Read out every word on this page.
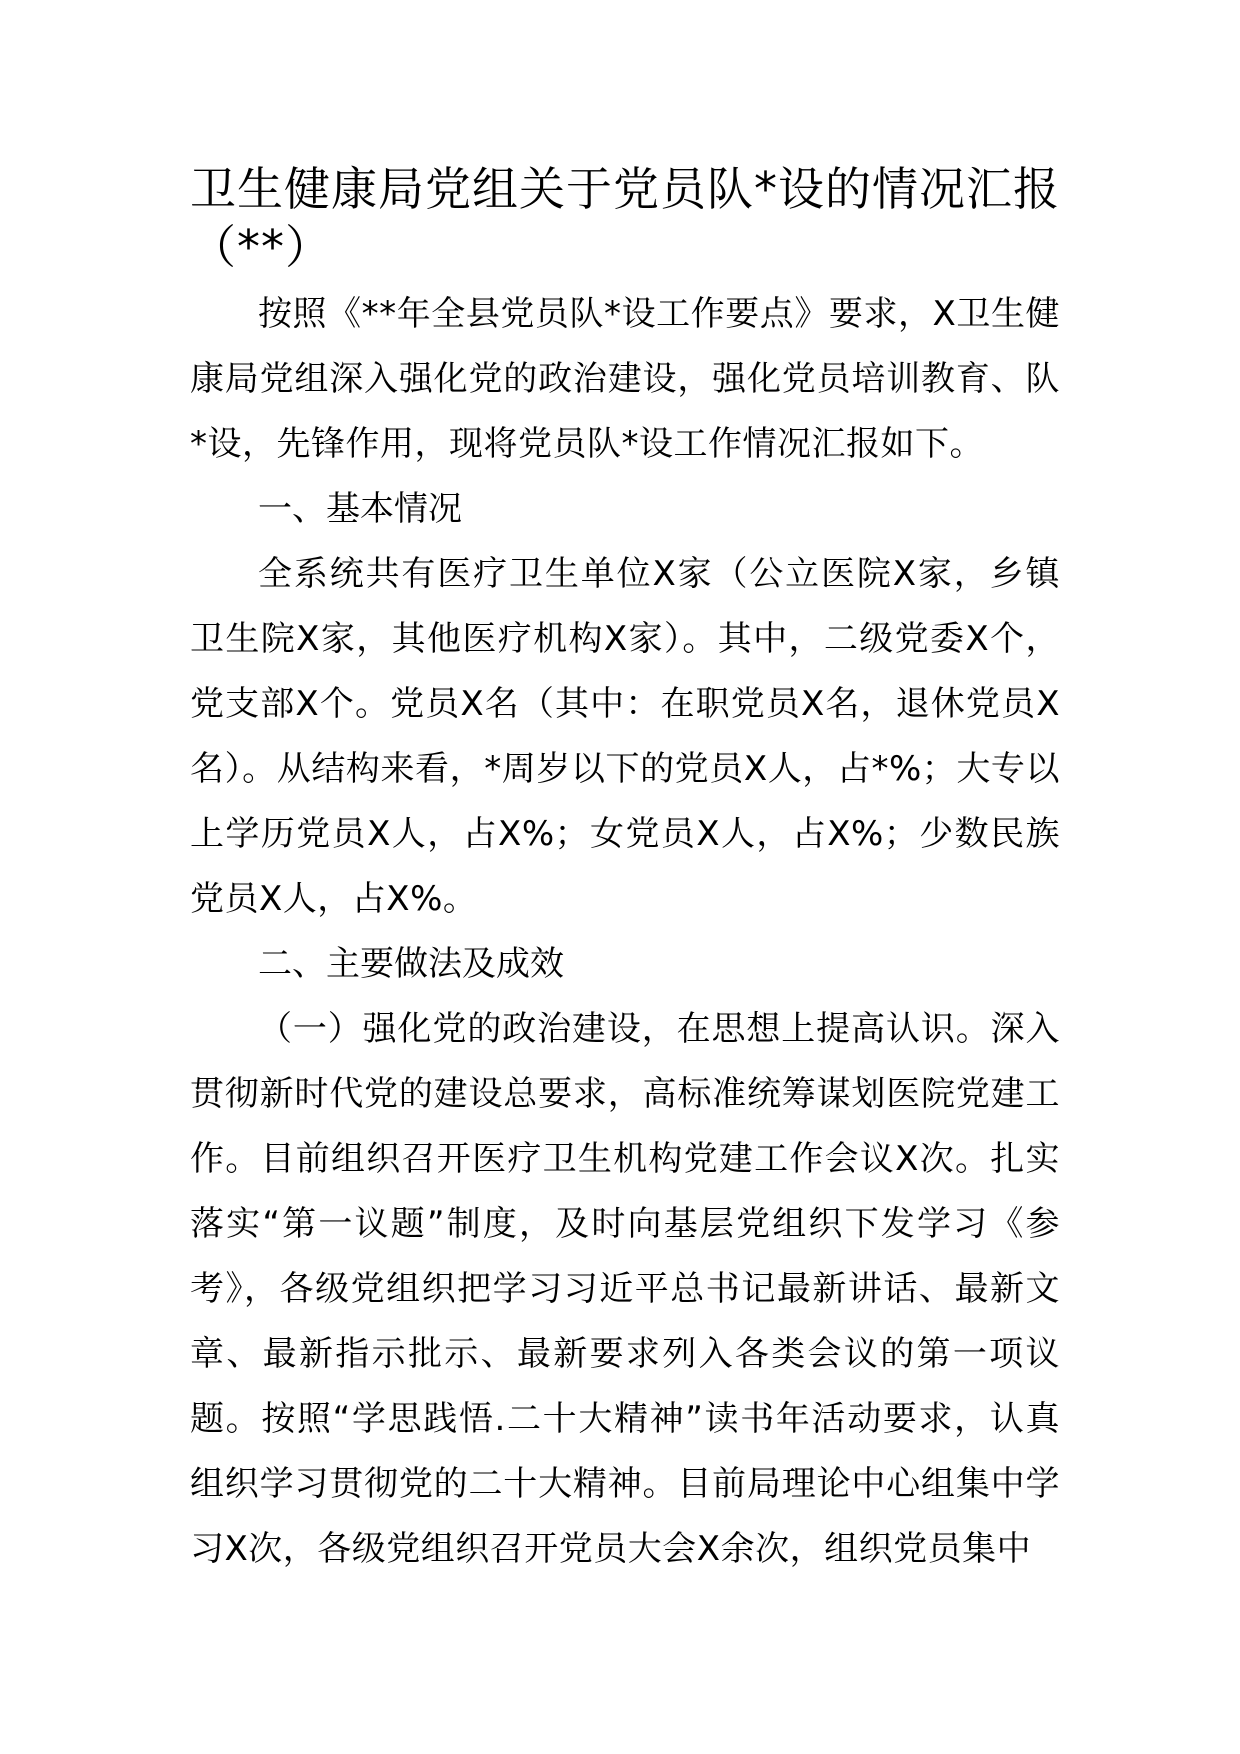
卫生健康局党组关于党员队*设的情况汇报
（**）

按照《**年全县党员队*设工作要点》要求，X卫生健康局党组深入强化党的政治建设，强化党员培训教育、队*设，先锋作用，现将党员队*设工作情况汇报如下。

一、基本情况

全系统共有医疗卫生单位X家（公立医院X家，乡镇卫生院X家，其他医疗机构X家）。其中，二级党委X个，党支部X个。党员X名（其中：在职党员X名，退休党员X名）。从结构来看，*周岁以下的党员X人，占*%；大专以上学历党员X人，占X%；女党员X人，占X%；少数民族党员X人，占X%。

二、主要做法及成效

（一）强化党的政治建设，在思想上提高认识。深入贯彻新时代党的建设总要求，高标准统筹谋划医院党建工作。目前组织召开医疗卫生机构党建工作会议X次。扎实落实“第一议题”制度，及时向基层党组织下发学习《参考》，各级党组织把学习习近平总书记最新讲话、最新文章、最新指示批示、最新要求列入各类会议的第一项议题。按照“学思践悟.二十大精神”读书年活动要求，认真组织学习贯彻党的二十大精神。目前局理论中心组集中学习X次，各级党组织召开党员大会X余次，组织党员集中
